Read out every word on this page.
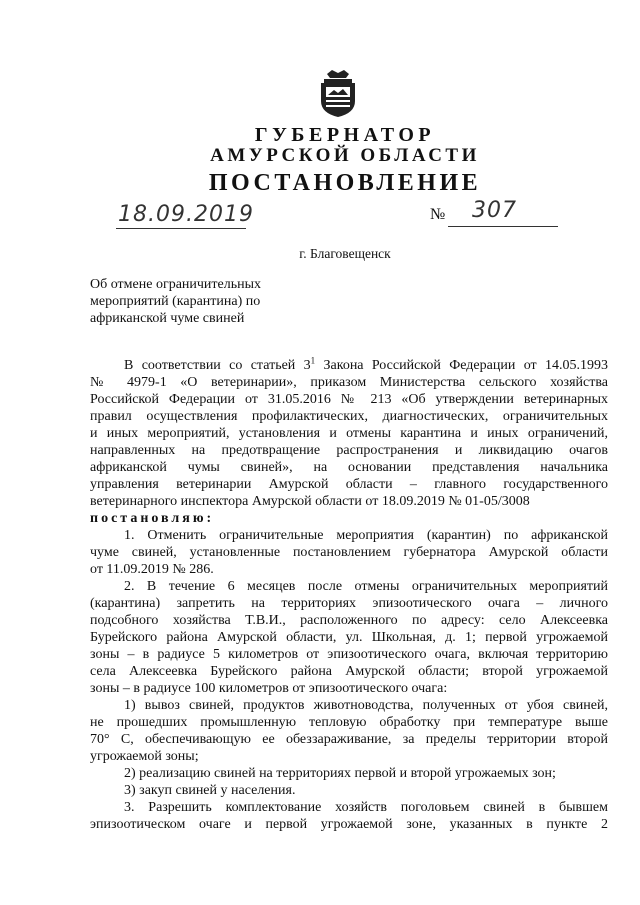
ГУБЕРНАТОР
АМУРСКОЙ ОБЛАСТИ
ПОСТАНОВЛЕНИЕ
18.09.2019	№ 307
г. Благовещенск
Об отмене ограничительных
мероприятий (карантина) по
африканской чуме свиней
В соответствии со статьей $3^1$ Закона Российской Федерации от 14.05.1993
№ 4979-1 «О ветеринарии», приказом Министерства сельского хозяйства
Российской Федерации от 31.05.2016 № 213 «Об утверждении ветеринарных
правил осуществления профилактических, диагностических, ограничительных
и иных мероприятий, установления и отмены карантина и иных ограничений,
направленных на предотвращение распространения и ликвидацию очагов
африканской чумы свиней», на основании представления начальника
управления ветеринарии Амурской области – главного государственного
ветеринарного инспектора Амурской области от 18.09.2019 № 01-05/3008
постановляю:
1. Отменить ограничительные мероприятия (карантин) по африканской
чуме свиней, установленные постановлением губернатора Амурской области
от 11.09.2019 № 286.
2. В течение 6 месяцев после отмены ограничительных мероприятий
(карантина) запретить на территориях эпизоотического очага – личного
подсобного хозяйства Т.В.И., расположенного по адресу: село Алексеевка
Бурейского района Амурской области, ул. Школьная, д. 1; первой угрожаемой
зоны – в радиусе 5 километров от эпизоотического очага, включая территорию
села Алексеевка Бурейского района Амурской области; второй угрожаемой
зоны – в радиусе 100 километров от эпизоотического очага:
1) вывоз свиней, продуктов животноводства, полученных от убоя свиней,
не прошедших промышленную тепловую обработку при температуре выше
70° С, обеспечивающую ее обеззараживание, за пределы территории второй
угрожаемой зоны;
2) реализацию свиней на территориях первой и второй угрожаемых зон;
3) закуп свиней у населения.
3. Разрешить комплектование хозяйств поголовьем свиней в бывшем
эпизоотическом очаге и первой угрожаемой зоне, указанных в пункте 2
